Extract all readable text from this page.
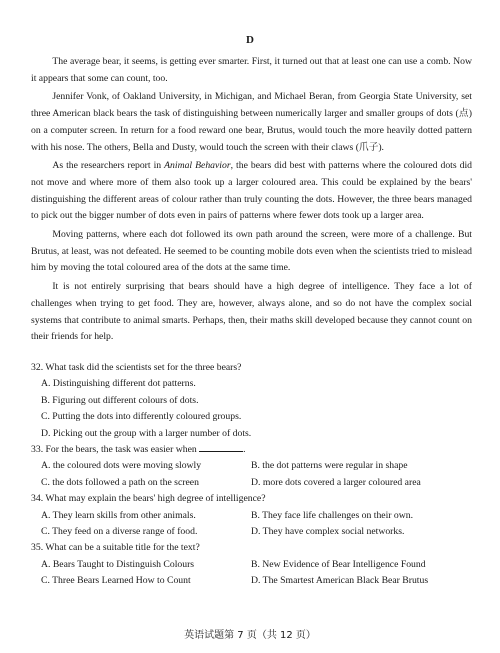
D

The average bear, it seems, is getting ever smarter. First, it turned out that at least one can use a comb. Now it appears that some can count, too.

Jennifer Vonk, of Oakland University, in Michigan, and Michael Beran, from Georgia State University, set three American black bears the task of distinguishing between numerically larger and smaller groups of dots (点) on a computer screen. In return for a food reward one bear, Brutus, would touch the more heavily dotted pattern with his nose. The others, Bella and Dusty, would touch the screen with their claws (爪子).

As the researchers report in Animal Behavior, the bears did best with patterns where the coloured dots did not move and where more of them also took up a larger coloured area. This could be explained by the bears' distinguishing the different areas of colour rather than truly counting the dots. However, the three bears managed to pick out the bigger number of dots even in pairs of patterns where fewer dots took up a larger area.

Moving patterns, where each dot followed its own path around the screen, were more of a challenge. But Brutus, at least, was not defeated. He seemed to be counting mobile dots even when the scientists tried to mislead him by moving the total coloured area of the dots at the same time.

It is not entirely surprising that bears should have a high degree of intelligence. They face a lot of challenges when trying to get food. They are, however, always alone, and so do not have the complex social systems that contribute to animal smarts. Perhaps, then, their maths skill developed because they cannot count on their friends for help.

32. What task did the scientists set for the three bears?

A. Distinguishing different dot patterns.
B. Figuring out different colours of dots.
C. Putting the dots into differently coloured groups.
D. Picking out the group with a larger number of dots.

33. For the bears, the task was easier when	.

A. the coloured dots were moving slowly	B. the dot patterns were regular in shape
C. the dots followed a path on the screen	D. more dots covered a larger coloured area

34. What may explain the bears' high degree of intelligence?

A. They learn skills from other animals.	B. They face life challenges on their own.
C. They feed on a diverse range of food.	D. They have complex social networks.

35. What can be a suitable title for the text?

A. Bears Taught to Distinguish Colours	B. New Evidence of Bear Intelligence Found
C. Three Bears Learned How to Count	D. The Smartest American Black Bear Brutus
英语试题第 7 页（共 12 页）
